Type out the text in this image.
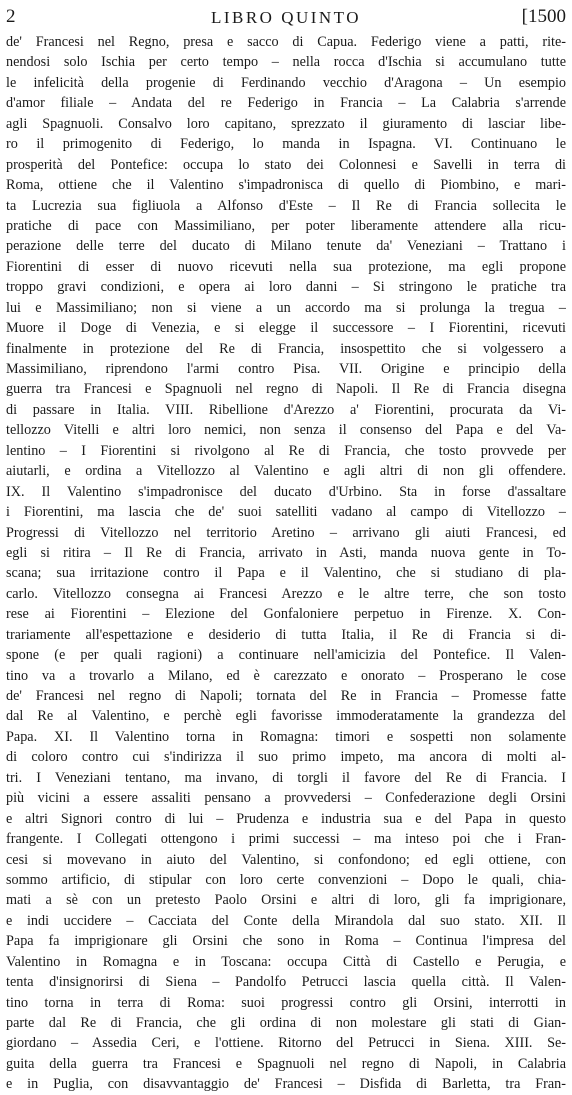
2	LIBRO QUINTO	[1500
de' Francesi nel Regno, presa e sacco di Capua. Federigo viene a patti, rite-
nendosi solo Ischia per certo tempo – nella rocca d'Ischia si accumulano tutte
le infelicità della progenie di Ferdinando vecchio d'Aragona – Un esempio
d'amor filiale – Andata del re Federigo in Francia – La Calabria s'arrende
agli Spagnuoli. Consalvo loro capitano, sprezzato il giuramento di lasciar libe-
ro il primogenito di Federigo, lo manda in Ispagna. VI. Continuano le
prosperità del Pontefice: occupa lo stato dei Colonnesi e Savelli in terra di
Roma, ottiene che il Valentino s'impadronisca di quello di Piombino, e mari-
ta Lucrezia sua figliuola a Alfonso d'Este – Il Re di Francia sollecita le
pratiche di pace con Massimiliano, per poter liberamente attendere alla ricu-
perazione delle terre del ducato di Milano tenute da' Veneziani – Trattano i
Fiorentini di esser di nuovo ricevuti nella sua protezione, ma egli propone
troppo gravi condizioni, e opera ai loro danni – Si stringono le pratiche tra
lui e Massimiliano; non si viene a un accordo ma si prolunga la tregua –
Muore il Doge di Venezia, e si elegge il successore – I Fiorentini, ricevuti
finalmente in protezione del Re di Francia, insospettito che si volgessero a
Massimiliano, riprendono l'armi contro Pisa. VII. Origine e principio della
guerra tra Francesi e Spagnuoli nel regno di Napoli. Il Re di Francia disegna
di passare in Italia. VIII. Ribellione d'Arezzo a' Fiorentini, procurata da Vi-
tellozzo Vitelli e altri loro nemici, non senza il consenso del Papa e del Va-
lentino – I Fiorentini si rivolgono al Re di Francia, che tosto provvede per
aiutarli, e ordina a Vitellozzo al Valentino e agli altri di non gli offendere.
IX. Il Valentino s'impadronisce del ducato d'Urbino. Sta in forse d'assaltare
i Fiorentini, ma lascia che de' suoi satelliti vadano al campo di Vitellozzo –
Progressi di Vitellozzo nel territorio Aretino – arrivano gli aiuti Francesi, ed
egli si ritira – Il Re di Francia, arrivato in Asti, manda nuova gente in To-
scana; sua irritazione contro il Papa e il Valentino, che si studiano di pla-
carlo. Vitellozzo consegna ai Francesi Arezzo e le altre terre, che son tosto
rese ai Fiorentini – Elezione del Gonfaloniere perpetuo in Firenze. X. Con-
trariamente all'espettazione e desiderio di tutta Italia, il Re di Francia si di-
spone (e per quali ragioni) a continuare nell'amicizia del Pontefice. Il Valen-
tino va a trovarlo a Milano, ed è carezzato e onorato – Prosperano le cose
de' Francesi nel regno di Napoli; tornata del Re in Francia – Promesse fatte
dal Re al Valentino, e perchè egli favorisse immoderatamente la grandezza del
Papa. XI. Il Valentino torna in Romagna: timori e sospetti non solamente
di coloro contro cui s'indirizza il suo primo impeto, ma ancora di molti al-
tri. I Veneziani tentano, ma invano, di torgli il favore del Re di Francia. I
più vicini a essere assaliti pensano a provvedersi – Confederazione degli Orsini
e altri Signori contro di lui – Prudenza e industria sua e del Papa in questo
frangente. I Collegati ottengono i primi successi – ma inteso poi che i Fran-
cesi si movevano in aiuto del Valentino, si confondono; ed egli ottiene, con
sommo artificio, di stipular con loro certe convenzioni – Dopo le quali, chia-
mati a sè con un pretesto Paolo Orsini e altri di loro, gli fa imprigionare,
e indi uccidere – Cacciata del Conte della Mirandola dal suo stato. XII. Il
Papa fa imprigionare gli Orsini che sono in Roma – Continua l'impresa del
Valentino in Romagna e in Toscana: occupa Città di Castello e Perugia, e
tenta d'insignorirsi di Siena – Pandolfo Petrucci lascia quella città. Il Valen-
tino torna in terra di Roma: suoi progressi contro gli Orsini, interrotti in
parte dal Re di Francia, che gli ordina di non molestare gli stati di Gian-
giordano – Assedia Ceri, e l'ottiene. Ritorno del Petrucci in Siena. XIII. Se-
guita della guerra tra Francesi e Spagnuoli nel regno di Napoli, in Calabria
e in Puglia, con disavvantaggio de' Francesi – Disfida di Barletta, tra Fran-
